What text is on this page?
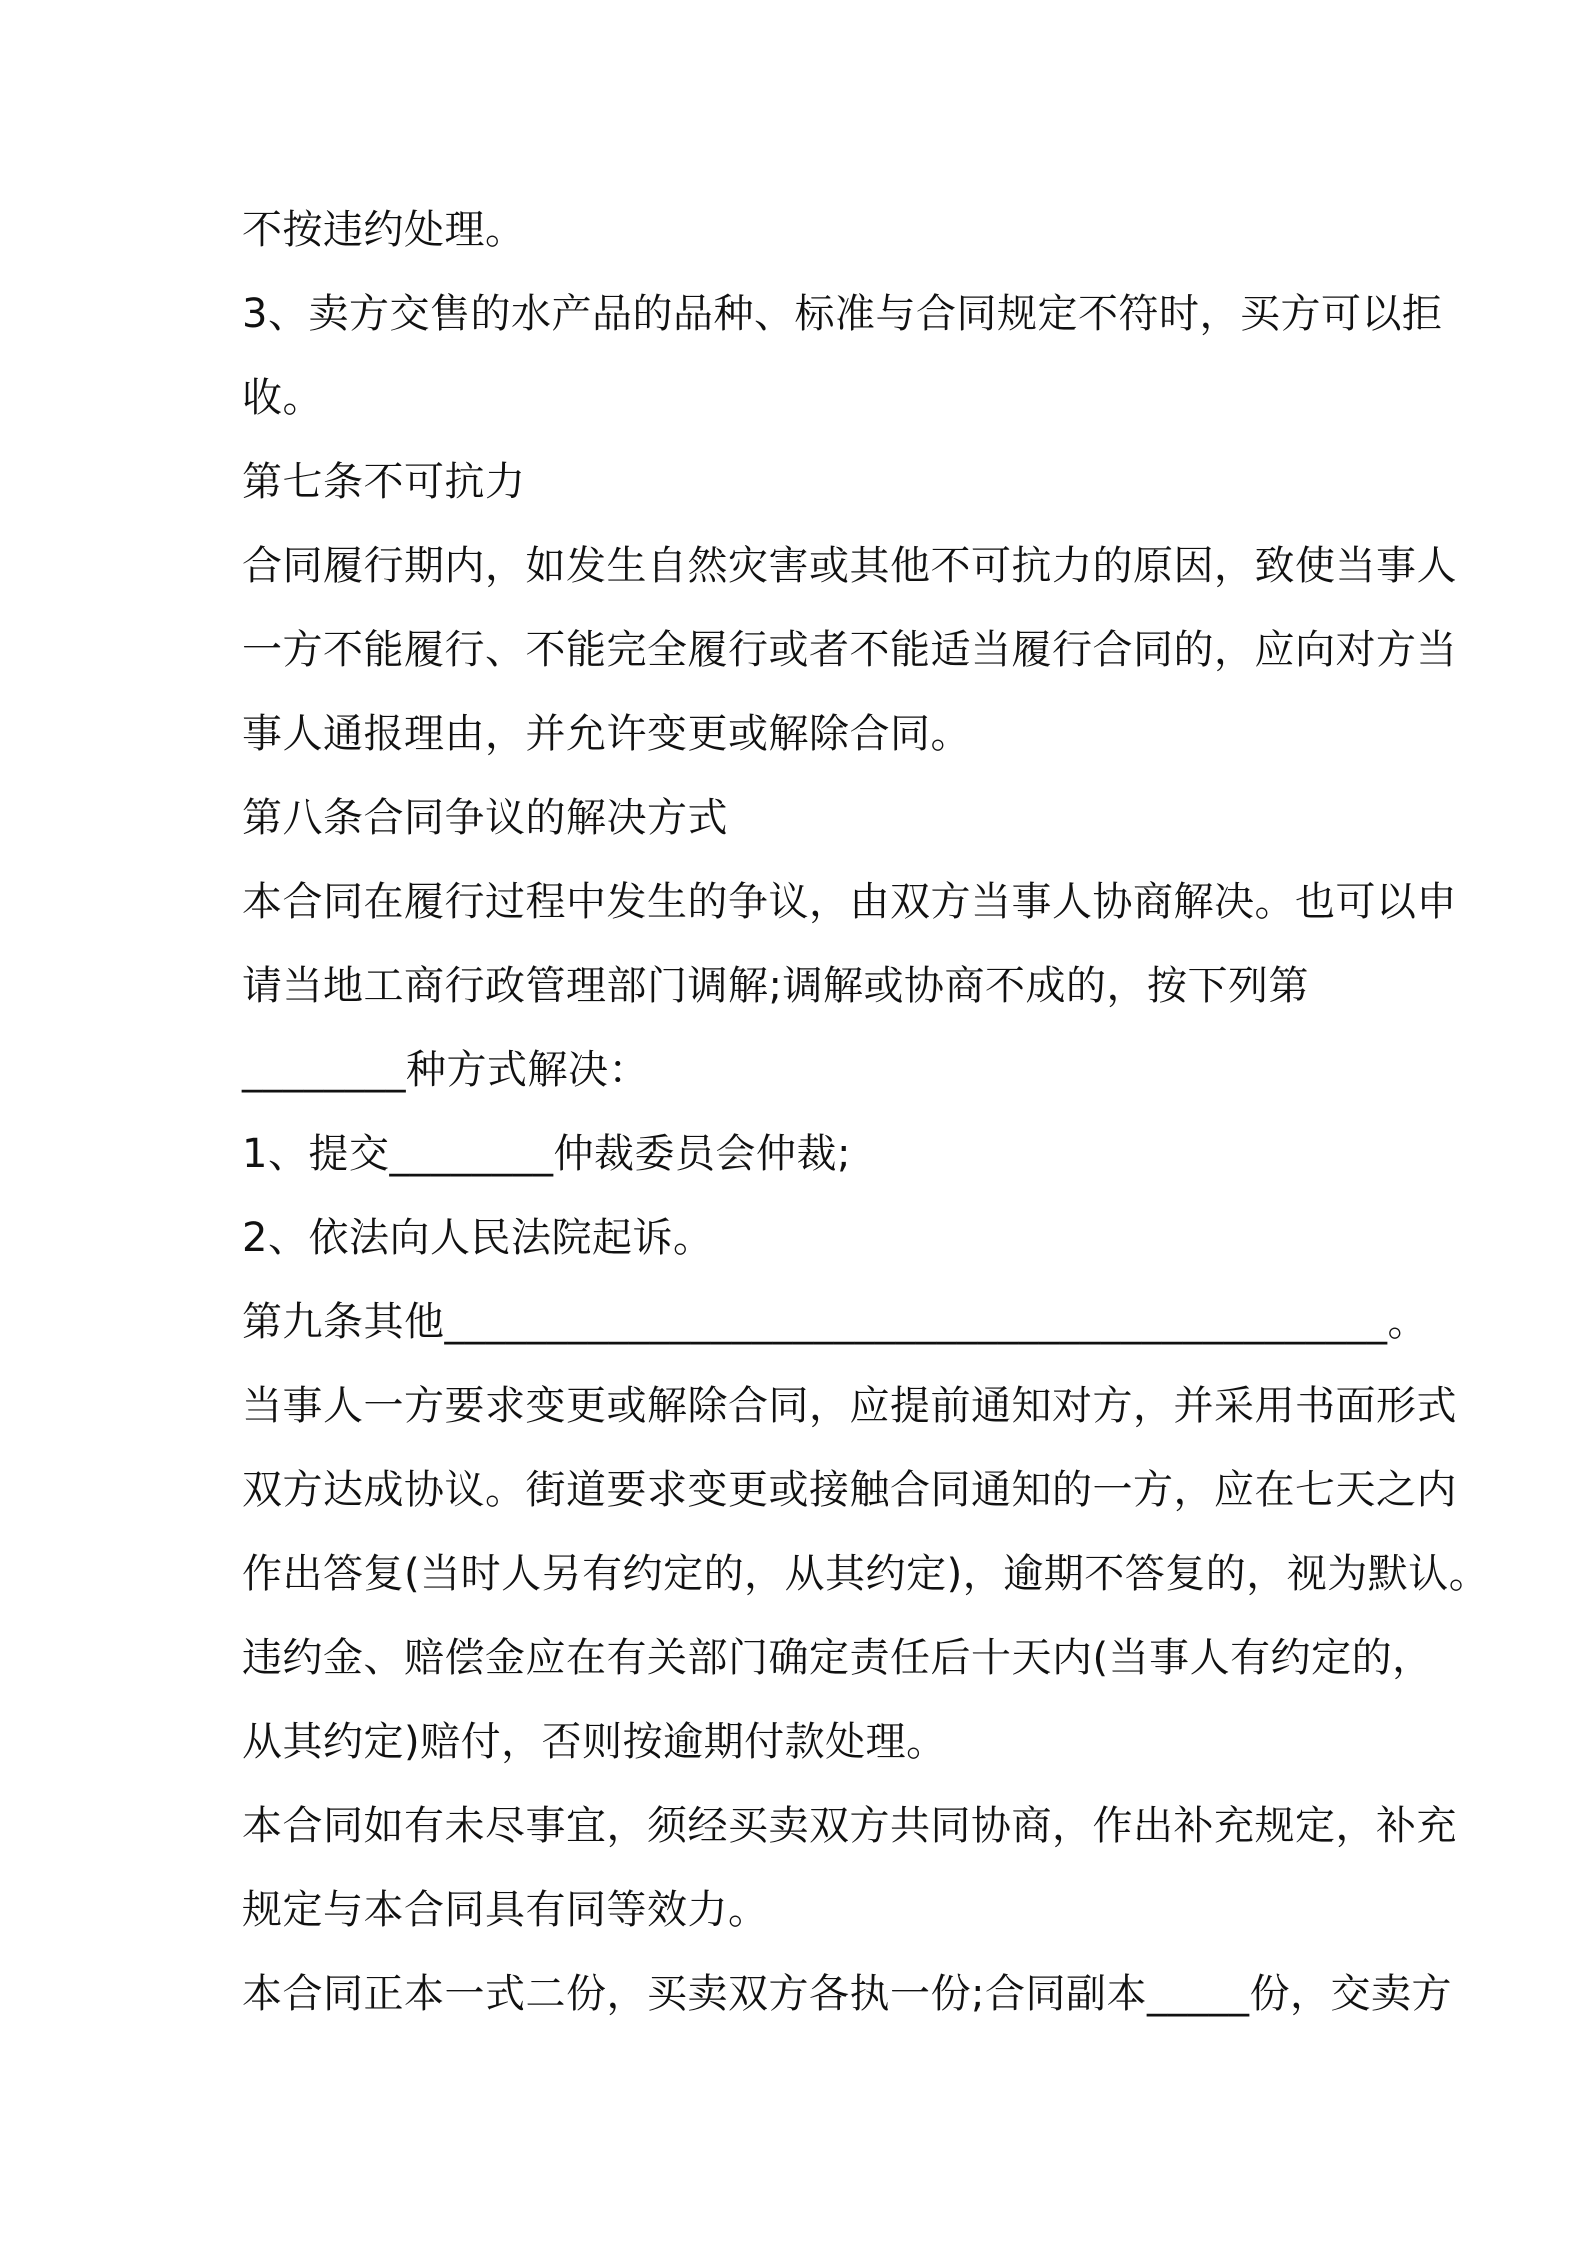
不按违约处理。
3、卖方交售的水产品的品种、标准与合同规定不符时，买方可以拒
收。
第七条不可抗力
合同履行期内，如发生自然灾害或其他不可抗力的原因，致使当事人
一方不能履行、不能完全履行或者不能适当履行合同的，应向对方当
事人通报理由，并允许变更或解除合同。
第八条合同争议的解决方式
本合同在履行过程中发生的争议，由双方当事人协商解决。也可以申
请当地工商行政管理部门调解;调解或协商不成的，按下列第
________种方式解决：
1、提交________仲裁委员会仲裁;
2、依法向人民法院起诉。
第九条其他______________________________________________。
当事人一方要求变更或解除合同，应提前通知对方，并采用书面形式
双方达成协议。街道要求变更或接触合同通知的一方，应在七天之内
作出答复(当时人另有约定的，从其约定)，逾期不答复的，视为默认。
违约金、赔偿金应在有关部门确定责任后十天内(当事人有约定的，
从其约定)赔付，否则按逾期付款处理。
本合同如有未尽事宜，须经买卖双方共同协商，作出补充规定，补充
规定与本合同具有同等效力。
本合同正本一式二份，买卖双方各执一份;合同副本_____份，交卖方
